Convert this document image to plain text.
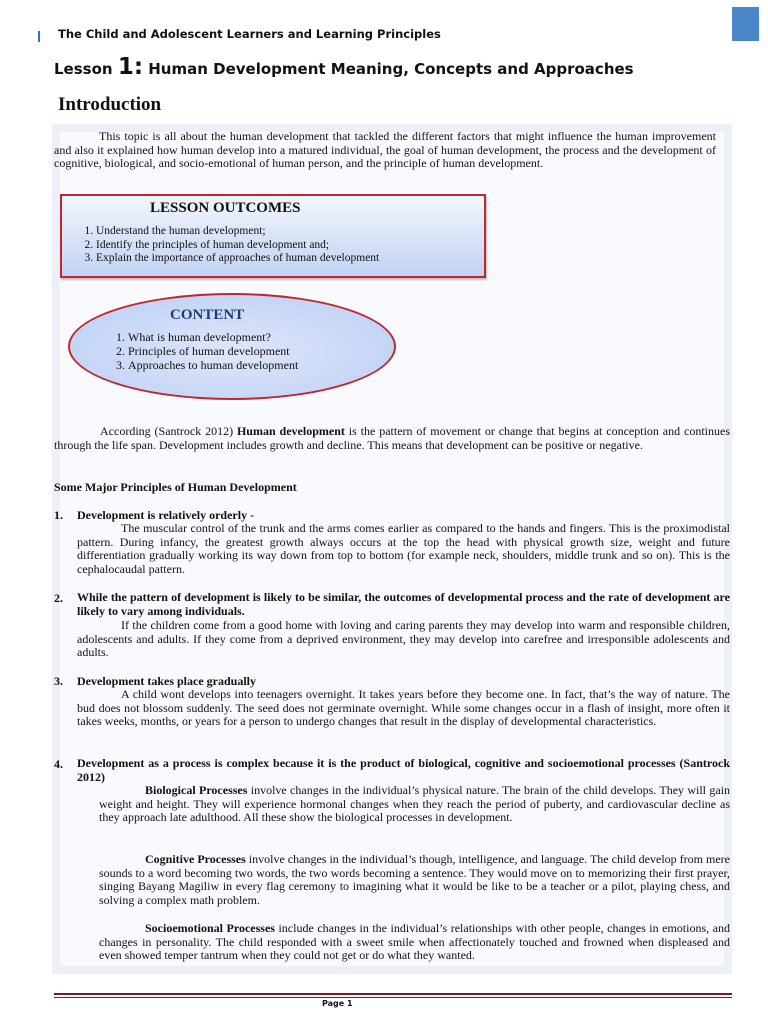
The Child and Adolescent Learners and Learning Principles
Lesson 1: Human Development Meaning, Concepts and Approaches
Introduction
This topic is all about the human development that tackled the different factors that might influence the human improvement and also it explained how human develop into a matured individual, the goal of human development, the process and the development of cognitive, biological, and socio-emotional of human person, and the principle of human development.
LESSON OUTCOMES
1. Understand the human development;
2. Identify the principles of human development and;
3. Explain the importance of approaches of human development
CONTENT
1. What is human development?
2. Principles of human development
3. Approaches to human development
According (Santrock 2012) Human development is the pattern of movement or change that begins at conception and continues through the life span. Development includes growth and decline. This means that development can be positive or negative.
Some Major Principles of Human Development
1. Development is relatively orderly -
The muscular control of the trunk and the arms comes earlier as compared to the hands and fingers. This is the proximodistal pattern. During infancy, the greatest growth always occurs at the top the head with physical growth size, weight and future differentiation gradually working its way down from top to bottom (for example neck, shoulders, middle trunk and so on). This is the cephalocaudal pattern.
2. While the pattern of development is likely to be similar, the outcomes of developmental process and the rate of development are likely to vary among individuals.
If the children come from a good home with loving and caring parents they may develop into warm and responsible children, adolescents and adults. If they come from a deprived environment, they may develop into carefree and irresponsible adolescents and adults.
3. Development takes place gradually
A child wont develops into teenagers overnight. It takes years before they become one. In fact, that’s the way of nature. The bud does not blossom suddenly. The seed does not germinate overnight. While some changes occur in a flash of insight, more often it takes weeks, months, or years for a person to undergo changes that result in the display of developmental characteristics.
4. Development as a process is complex because it is the product of biological, cognitive and socioemotional processes (Santrock 2012)
Biological Processes involve changes in the individual’s physical nature. The brain of the child develops. They will gain weight and height. They will experience hormonal changes when they reach the period of puberty, and cardiovascular decline as they approach late adulthood. All these show the biological processes in development.
Cognitive Processes involve changes in the individual’s though, intelligence, and language. The child develop from mere sounds to a word becoming two words, the two words becoming a sentence. They would move on to memorizing their first prayer, singing Bayang Magiliw in every flag ceremony to imagining what it would be like to be a teacher or a pilot, playing chess, and solving a complex math problem.
Socioemotional Processes include changes in the individual’s relationships with other people, changes in emotions, and changes in personality. The child responded with a sweet smile when affectionately touched and frowned when displeased and even showed temper tantrum when they could not get or do what they wanted.
Page 1
